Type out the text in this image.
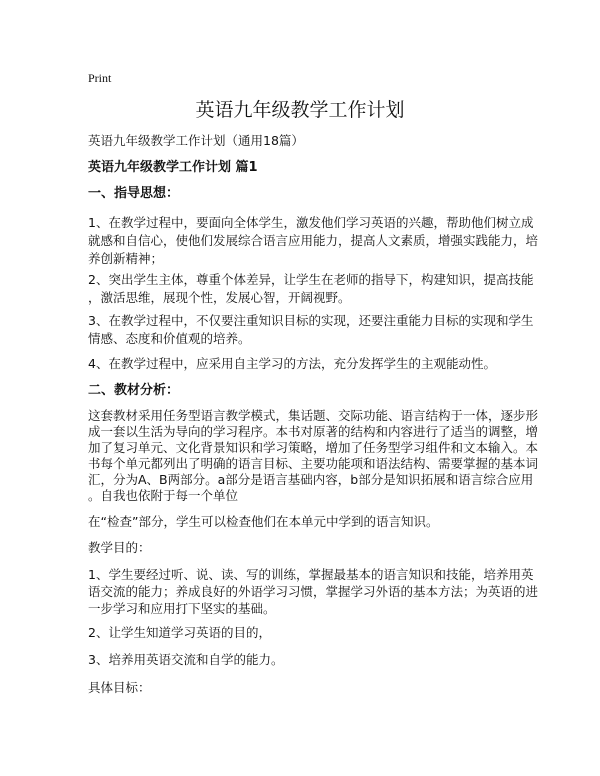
Print
英语九年级教学工作计划
英语九年级教学工作计划（通用18篇）
英语九年级教学工作计划 篇1
一、指导思想：
1、在教学过程中，要面向全体学生，激发他们学习英语的兴趣，帮助他们树立成
就感和自信心，使他们发展综合语言应用能力，提高人文素质，增强实践能力，培
养创新精神；
2、突出学生主体，尊重个体差异，让学生在老师的指导下，构建知识，提高技能
，激活思维，展现个性，发展心智，开阔视野。
3、在教学过程中，不仅要注重知识目标的实现，还要注重能力目标的实现和学生
情感、态度和价值观的培养。
4、在教学过程中，应采用自主学习的方法，充分发挥学生的主观能动性。
二、教材分析：
这套教材采用任务型语言教学模式，集话题、交际功能、语言结构于一体，逐步形
成一套以生活为导向的学习程序。本书对原著的结构和内容进行了适当的调整，增
加了复习单元、文化背景知识和学习策略，增加了任务型学习组件和文本输入。本
书每个单元都列出了明确的语言目标、主要功能项和语法结构、需要掌握的基本词
汇，分为A、B两部分。a部分是语言基础内容，b部分是知识拓展和语言综合应用
。自我也依附于每一个单位
在“检查”部分，学生可以检查他们在本单元中学到的语言知识。
教学目的：
1、学生要经过听、说、读、写的训练，掌握最基本的语言知识和技能，培养用英
语交流的能力；养成良好的外语学习习惯，掌握学习外语的基本方法；为英语的进
一步学习和应用打下坚实的基础。
2、让学生知道学习英语的目的，
3、培养用英语交流和自学的能力。
具体目标：
